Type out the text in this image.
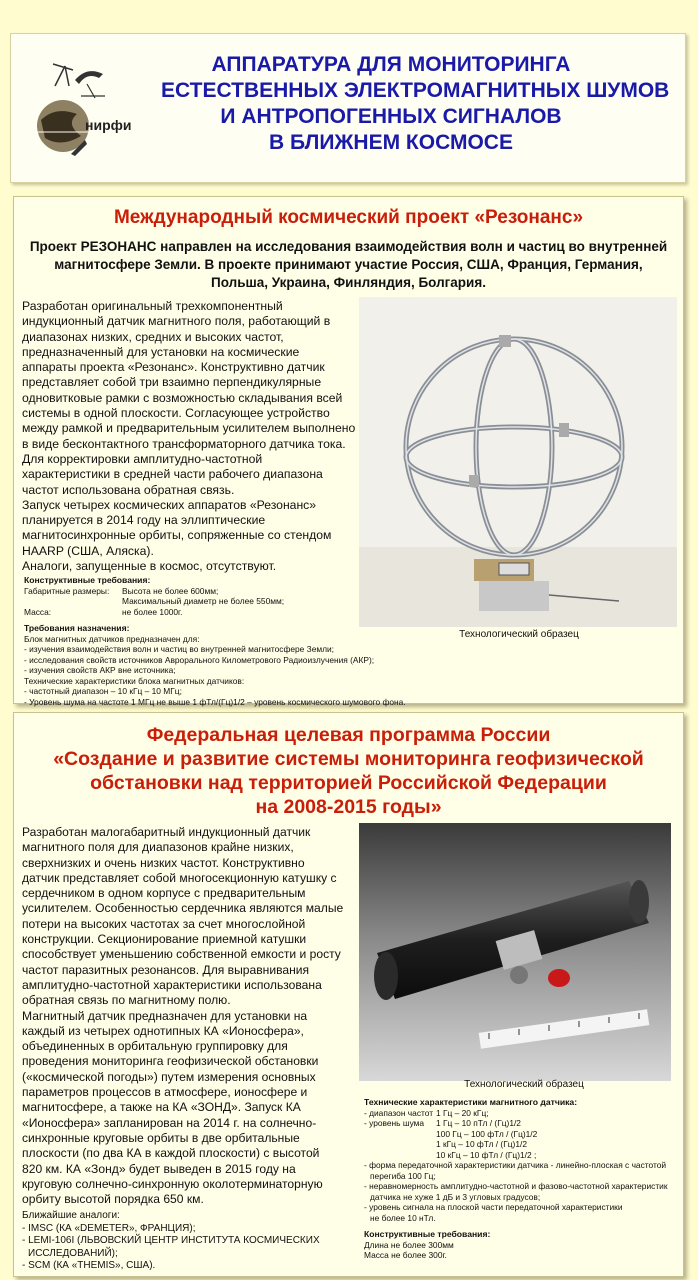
нирфи
АППАРАТУРА ДЛЯ МОНИТОРИНГА
ЕСТЕСТВЕННЫХ ЭЛЕКТРОМАГНИТНЫХ ШУМОВ
И АНТРОПОГЕННЫХ СИГНАЛОВ
В БЛИЖНЕМ КОСМОСЕ
Международный космический проект «Резонанс»
Проект РЕЗОНАНС направлен на исследования взаимодействия волн и частиц во внутренней магнитосфере Земли. В проекте принимают участие Россия, США, Франция, Германия, Польша, Украина, Финляндия, Болгария.
Разработан оригинальный трехкомпонентный
индукционный датчик магнитного поля, работающий в
диапазонах низких, средних и высоких частот,
предназначенный для установки на космические
аппараты проекта «Резонанс». Конструктивно датчик
представляет собой три взаимно перпендикулярные
одновитковые рамки с возможностью складывания всей
системы в одной плоскости. Согласующее устройство
между рамкой и предварительным усилителем выполнено
в виде бесконтактного трансформаторного датчика тока.
Для корректировки амплитудно-частотной
характеристики в средней части рабочего диапазона
частот использована обратная связь.
Запуск четырех космических аппаратов «Резонанс»
планируется в 2014 году на эллиптические
магнитосинхронные орбиты, сопряженные со стендом
HAARP (США, Аляска).
Аналоги, запущенные в космос, отсутствуют.
Конструктивные требования:
Габаритные размеры:	Высота не более 600мм;
Максимальный диаметр не более 550мм;
Масса:	не более 1000г.
Требования назначения:
Блок магнитных датчиков предназначен для:
- изучения взаимодействия волн и частиц во внутренней магнитосфере Земли;
- исследования свойств источников Аврорального Километрового Радиоизлучения (АКР);
- изучения свойств АКР вне источника;
Технические характеристики блока магнитных датчиков:
- частотный диапазон – 10 кГц – 10 МГц;
- Уровень шума на частоте 1 МГц не выше 1 фТл/(Гц)1/2 – уровень космического шумового фона.
Технологический образец
Федеральная целевая программа России
«Создание и развитие системы мониторинга геофизической
обстановки над территорией Российской Федерации
на 2008-2015 годы»
Разработан малогабаритный индукционный датчик
магнитного поля для диапазонов крайне низких,
сверхнизких и очень низких частот. Конструктивно
датчик представляет собой многосекционную катушку с
сердечником в одном корпусе с предварительным
усилителем. Особенностью сердечника являются малые
потери на высоких частотах за счет многослойной
конструкции. Секционирование приемной катушки
способствует уменьшению собственной емкости и росту
частот паразитных резонансов. Для выравнивания
амплитудно-частотной характеристики использована
обратная связь по магнитному полю.
Магнитный датчик предназначен для установки на
каждый из четырех однотипных КА «Ионосфера»,
объединенных в орбитальную группировку для
проведения мониторинга геофизической обстановки
(«космической погоды») путем измерения основных
параметров процессов в атмосфере, ионосфере и
магнитосфере, а также на КА «ЗОНД». Запуск КА
«Ионосфера» запланирован на 2014 г. на солнечно-
синхронные круговые орбиты в две орбитальные
плоскости (по два КА в каждой плоскости) с высотой
820 км. КА «Зонд» будет выведен в 2015 году на
круговую солнечно-синхронную околотерминаторную
орбиту высотой порядка 650 км.
Ближайшие аналоги:
- IMSC (КА «DEMETER», ФРАНЦИЯ);
- LEMI-106I (ЛЬВОВСКИЙ ЦЕНТР ИНСТИТУТА КОСМИЧЕСКИХ
ИССЛЕДОВАНИЙ);
- SCM (КА «THEMIS», США).
Технологический образец
Технические характеристики магнитного датчика:
- диапазон частот 1 Гц – 20 кГц;
- уровень шума	1 Гц – 10 пТл / (Гц)1/2
100 Гц – 100 фТл / (Гц)1/2
1 кГц – 10 фТл / (Гц)1/2
10 кГц – 10 фТл / (Гц)1/2 ;
- форма передаточной характеристики датчика - линейно-плоская с частотой
перегиба 100 Гц;
- неравномерность амплитудно-частотной и фазово-частотной характеристик
датчика не хуже 1 дБ и 3 угловых градусов;
- уровень сигнала на плоской части передаточной характеристики
не более 10 нТл.
Конструктивные требования:
Длина не более 300мм
Масса не более 300г.
